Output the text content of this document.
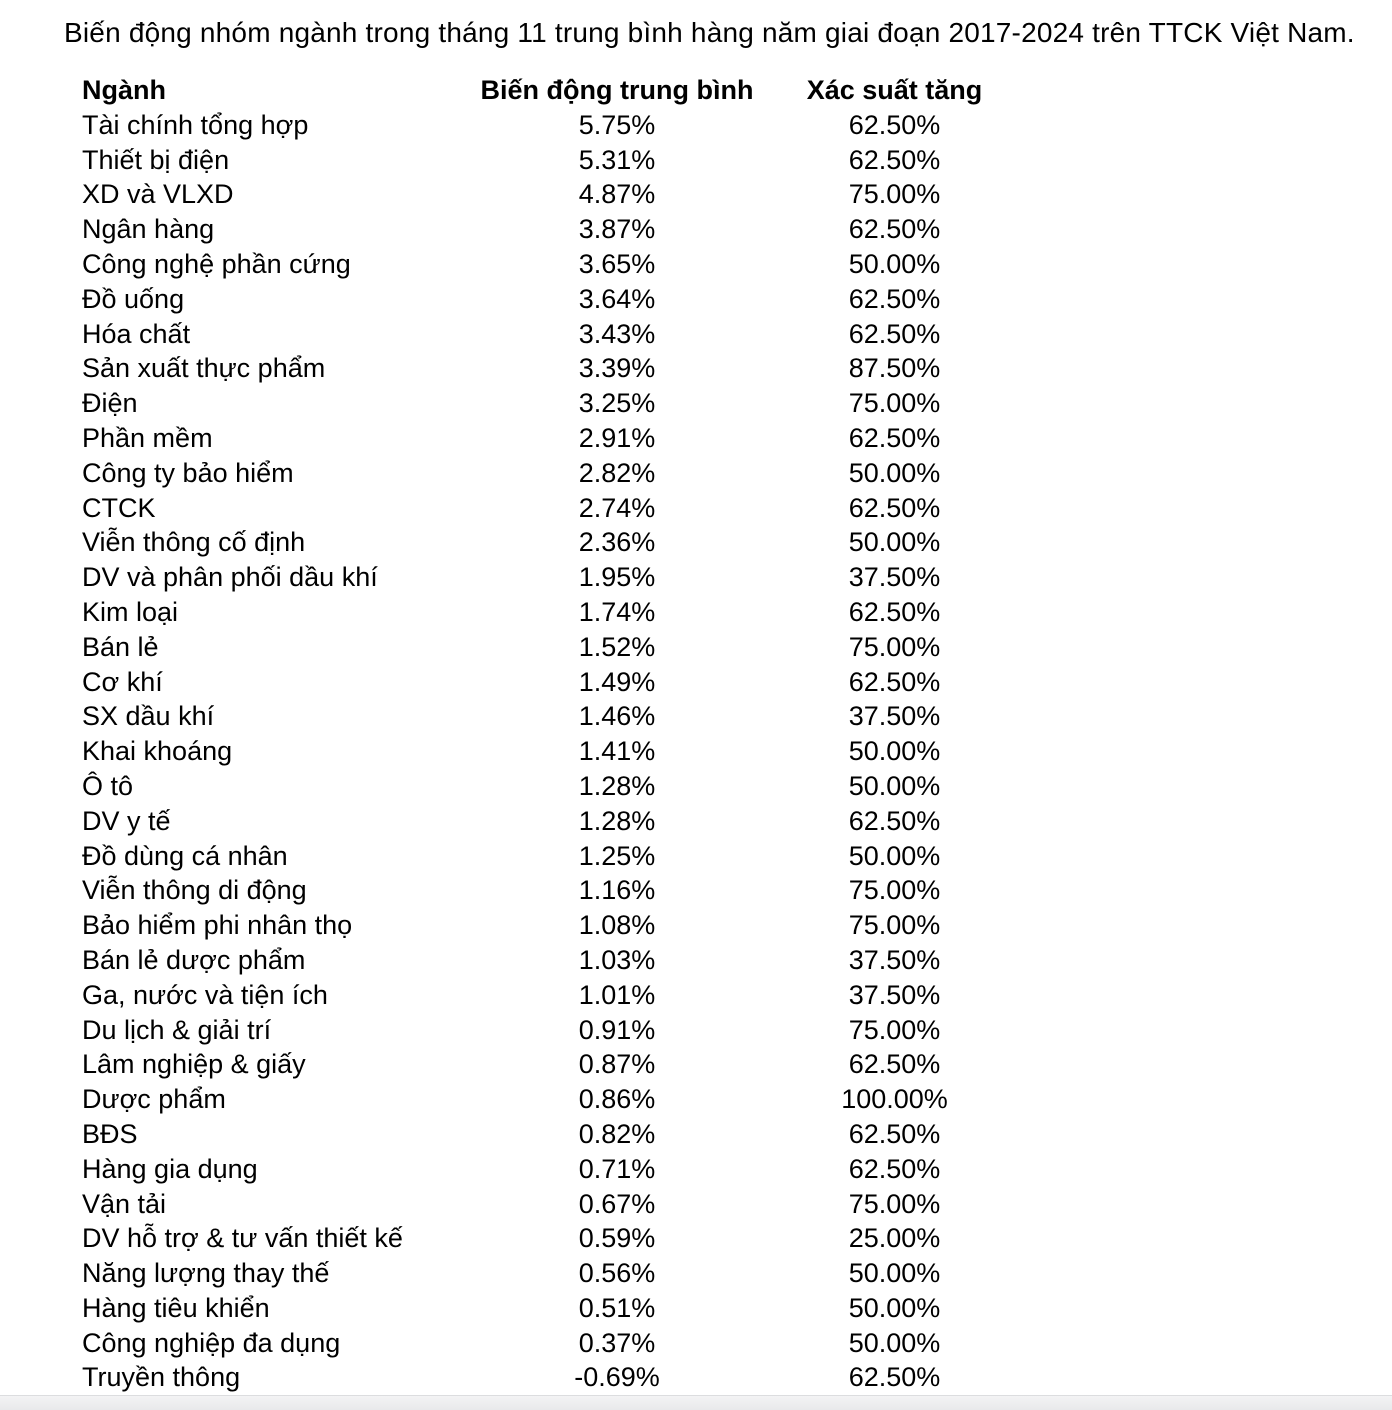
Biến động nhóm ngành trong tháng 11 trung bình hàng năm giai đoạn 2017-2024 trên TTCK Việt Nam.
Ngành	Biến động trung bình	Xác suất tăng
Tài chính tổng hợp	5.75%	62.50%
Thiết bị điện	5.31%	62.50%
XD và VLXD	4.87%	75.00%
Ngân hàng	3.87%	62.50%
Công nghệ phần cứng	3.65%	50.00%
Đồ uống	3.64%	62.50%
Hóa chất	3.43%	62.50%
Sản xuất thực phẩm	3.39%	87.50%
Điện	3.25%	75.00%
Phần mềm	2.91%	62.50%
Công ty bảo hiểm	2.82%	50.00%
CTCK	2.74%	62.50%
Viễn thông cố định	2.36%	50.00%
DV và phân phối dầu khí	1.95%	37.50%
Kim loại	1.74%	62.50%
Bán lẻ	1.52%	75.00%
Cơ khí	1.49%	62.50%
SX dầu khí	1.46%	37.50%
Khai khoáng	1.41%	50.00%
Ô tô	1.28%	50.00%
DV y tế	1.28%	62.50%
Đồ dùng cá nhân	1.25%	50.00%
Viễn thông di động	1.16%	75.00%
Bảo hiểm phi nhân thọ	1.08%	75.00%
Bán lẻ dược phẩm	1.03%	37.50%
Ga, nước và tiện ích	1.01%	37.50%
Du lịch & giải trí	0.91%	75.00%
Lâm nghiệp & giấy	0.87%	62.50%
Dược phẩm	0.86%	100.00%
BĐS	0.82%	62.50%
Hàng gia dụng	0.71%	62.50%
Vận tải	0.67%	75.00%
DV hỗ trợ & tư vấn thiết kế	0.59%	25.00%
Năng lượng thay thế	0.56%	50.00%
Hàng tiêu khiển	0.51%	50.00%
Công nghiệp đa dụng	0.37%	50.00%
Truyền thông	-0.69%	62.50%
